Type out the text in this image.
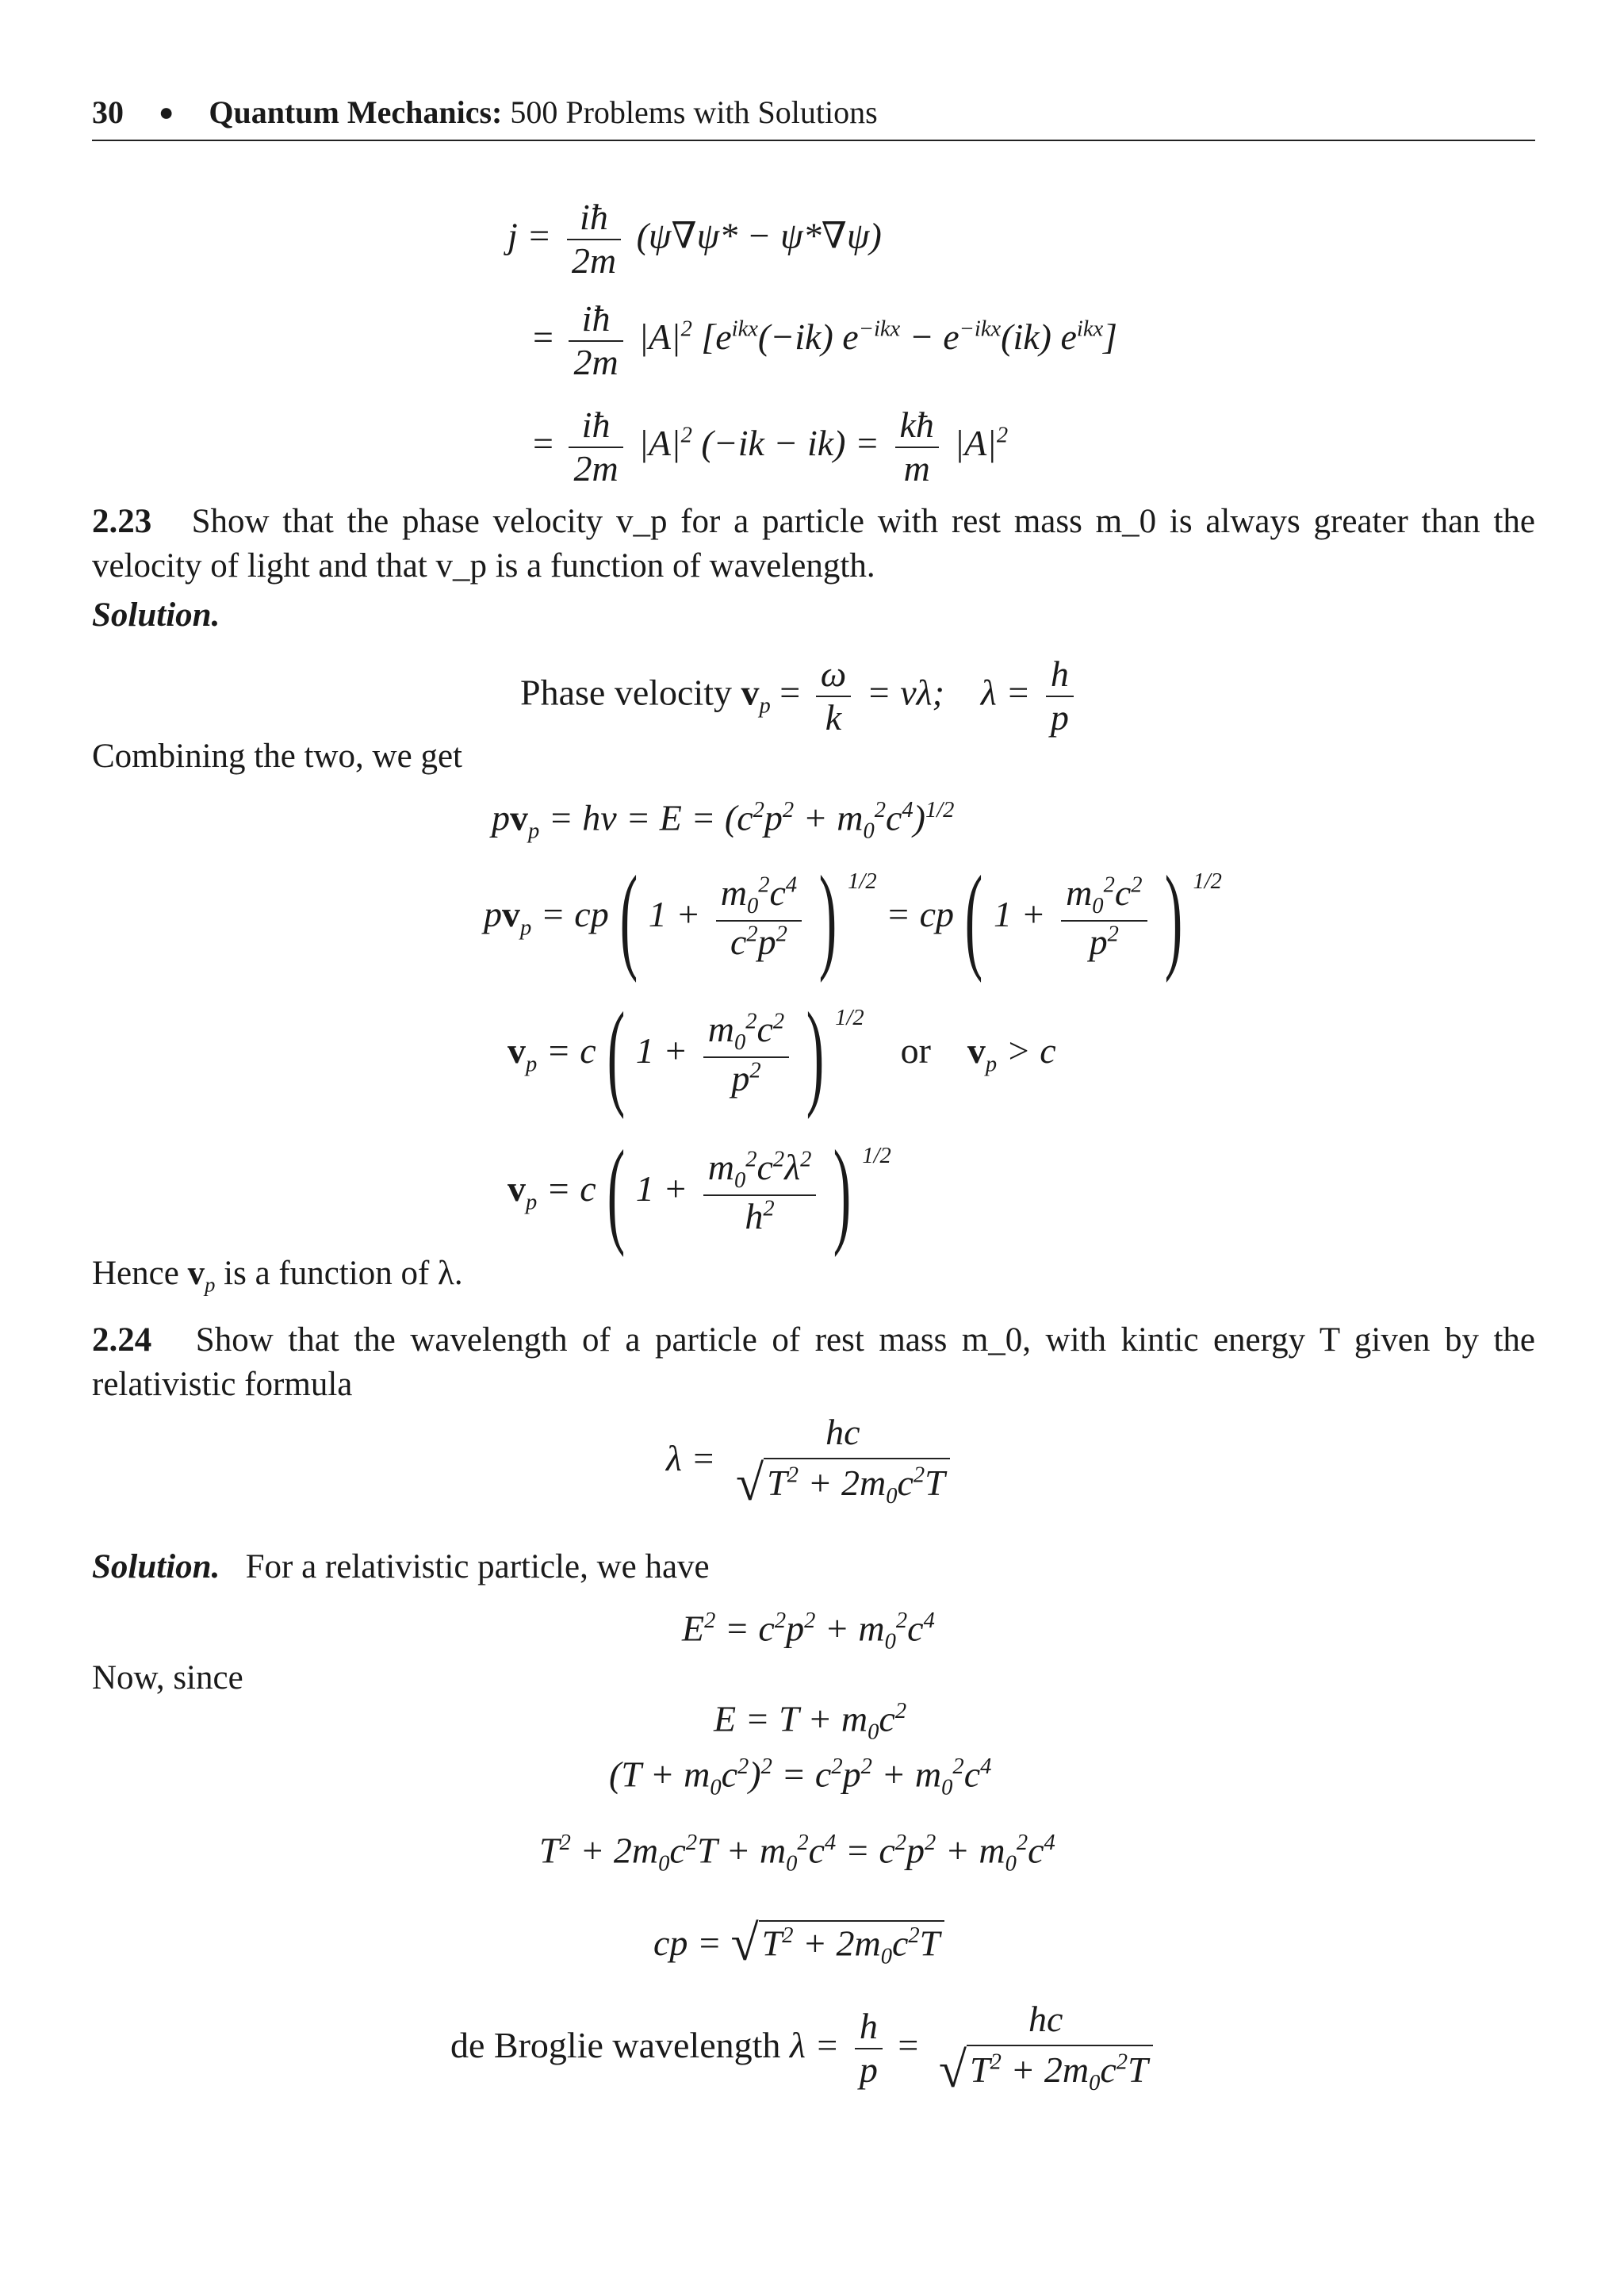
30 ● Quantum Mechanics: 500 Problems with Solutions
$j = \frac{iħ}{2m} (\psi\nabla\psi* - \psi*\nabla\psi)$
= $\frac{iħ}{2m} |A|^2$ [$e^{ikx}(-ik) e^{-ikx} - e^{-ikx}(ik)$ $e^{ikx}$]
= $\frac{iħ}{2m} |A|^2$ $(-ik - ik) = \frac{kħ}{m} |A|^2$
2.23 Show that the phase velocity v_p for a particle with rest mass m_0 is always greater than the velocity of light and that v_p is a function of wavelength.
Solution.
Phase velocity $v_p = \frac{\omega}{k} = \nu\lambda$;    $\lambda = \frac{h}{p}$
Combining the two, we get
$pv_p = h\nu = E = (c^2p^2 + m_0^2c^4)^{1/2}$
$pv_p = cp$( $1 + \frac{m_0^2c^4}{c^2p^2}$ ) $^{1/2}$ = cp( $1 + \frac{m_0^2c^2}{p^2}$ ) $^{1/2}$
$v_p = c$( $1 + \frac{m_0^2c^2}{p^2}$ ) $^{1/2}$    or $v_p > c$
$v_p = c$( $1 + \frac{m_0^2c^2\lambda^2}{h^2}$ ) $^{1/2}$
Hence $v_p$ is a function of λ.
2.24 Show that the wavelength of a particle of rest mass m_0, with kintic energy T given by the relativistic formula
λ =
hc
$√T^2 + 2m_0c^2T$
Solution. For a relativistic particle, we have
$E^2 = c^2p^2 + m_0^2c^4$
Now, since
$E = T + m_0c^2$
$(T + m_0c^2)^2 = c^2p^2 + m_0^2c^4$
$T^2 + 2m_0c^2T + m_0^2c^4 = c^2p^2 + m_0^2c^4$
cp = $√T^2 + 2m_0c^2T$
de Broglie wavelength $\lambda = \frac{h}{p}$ =
hc
$√T^2 + 2m_0c^2T$
